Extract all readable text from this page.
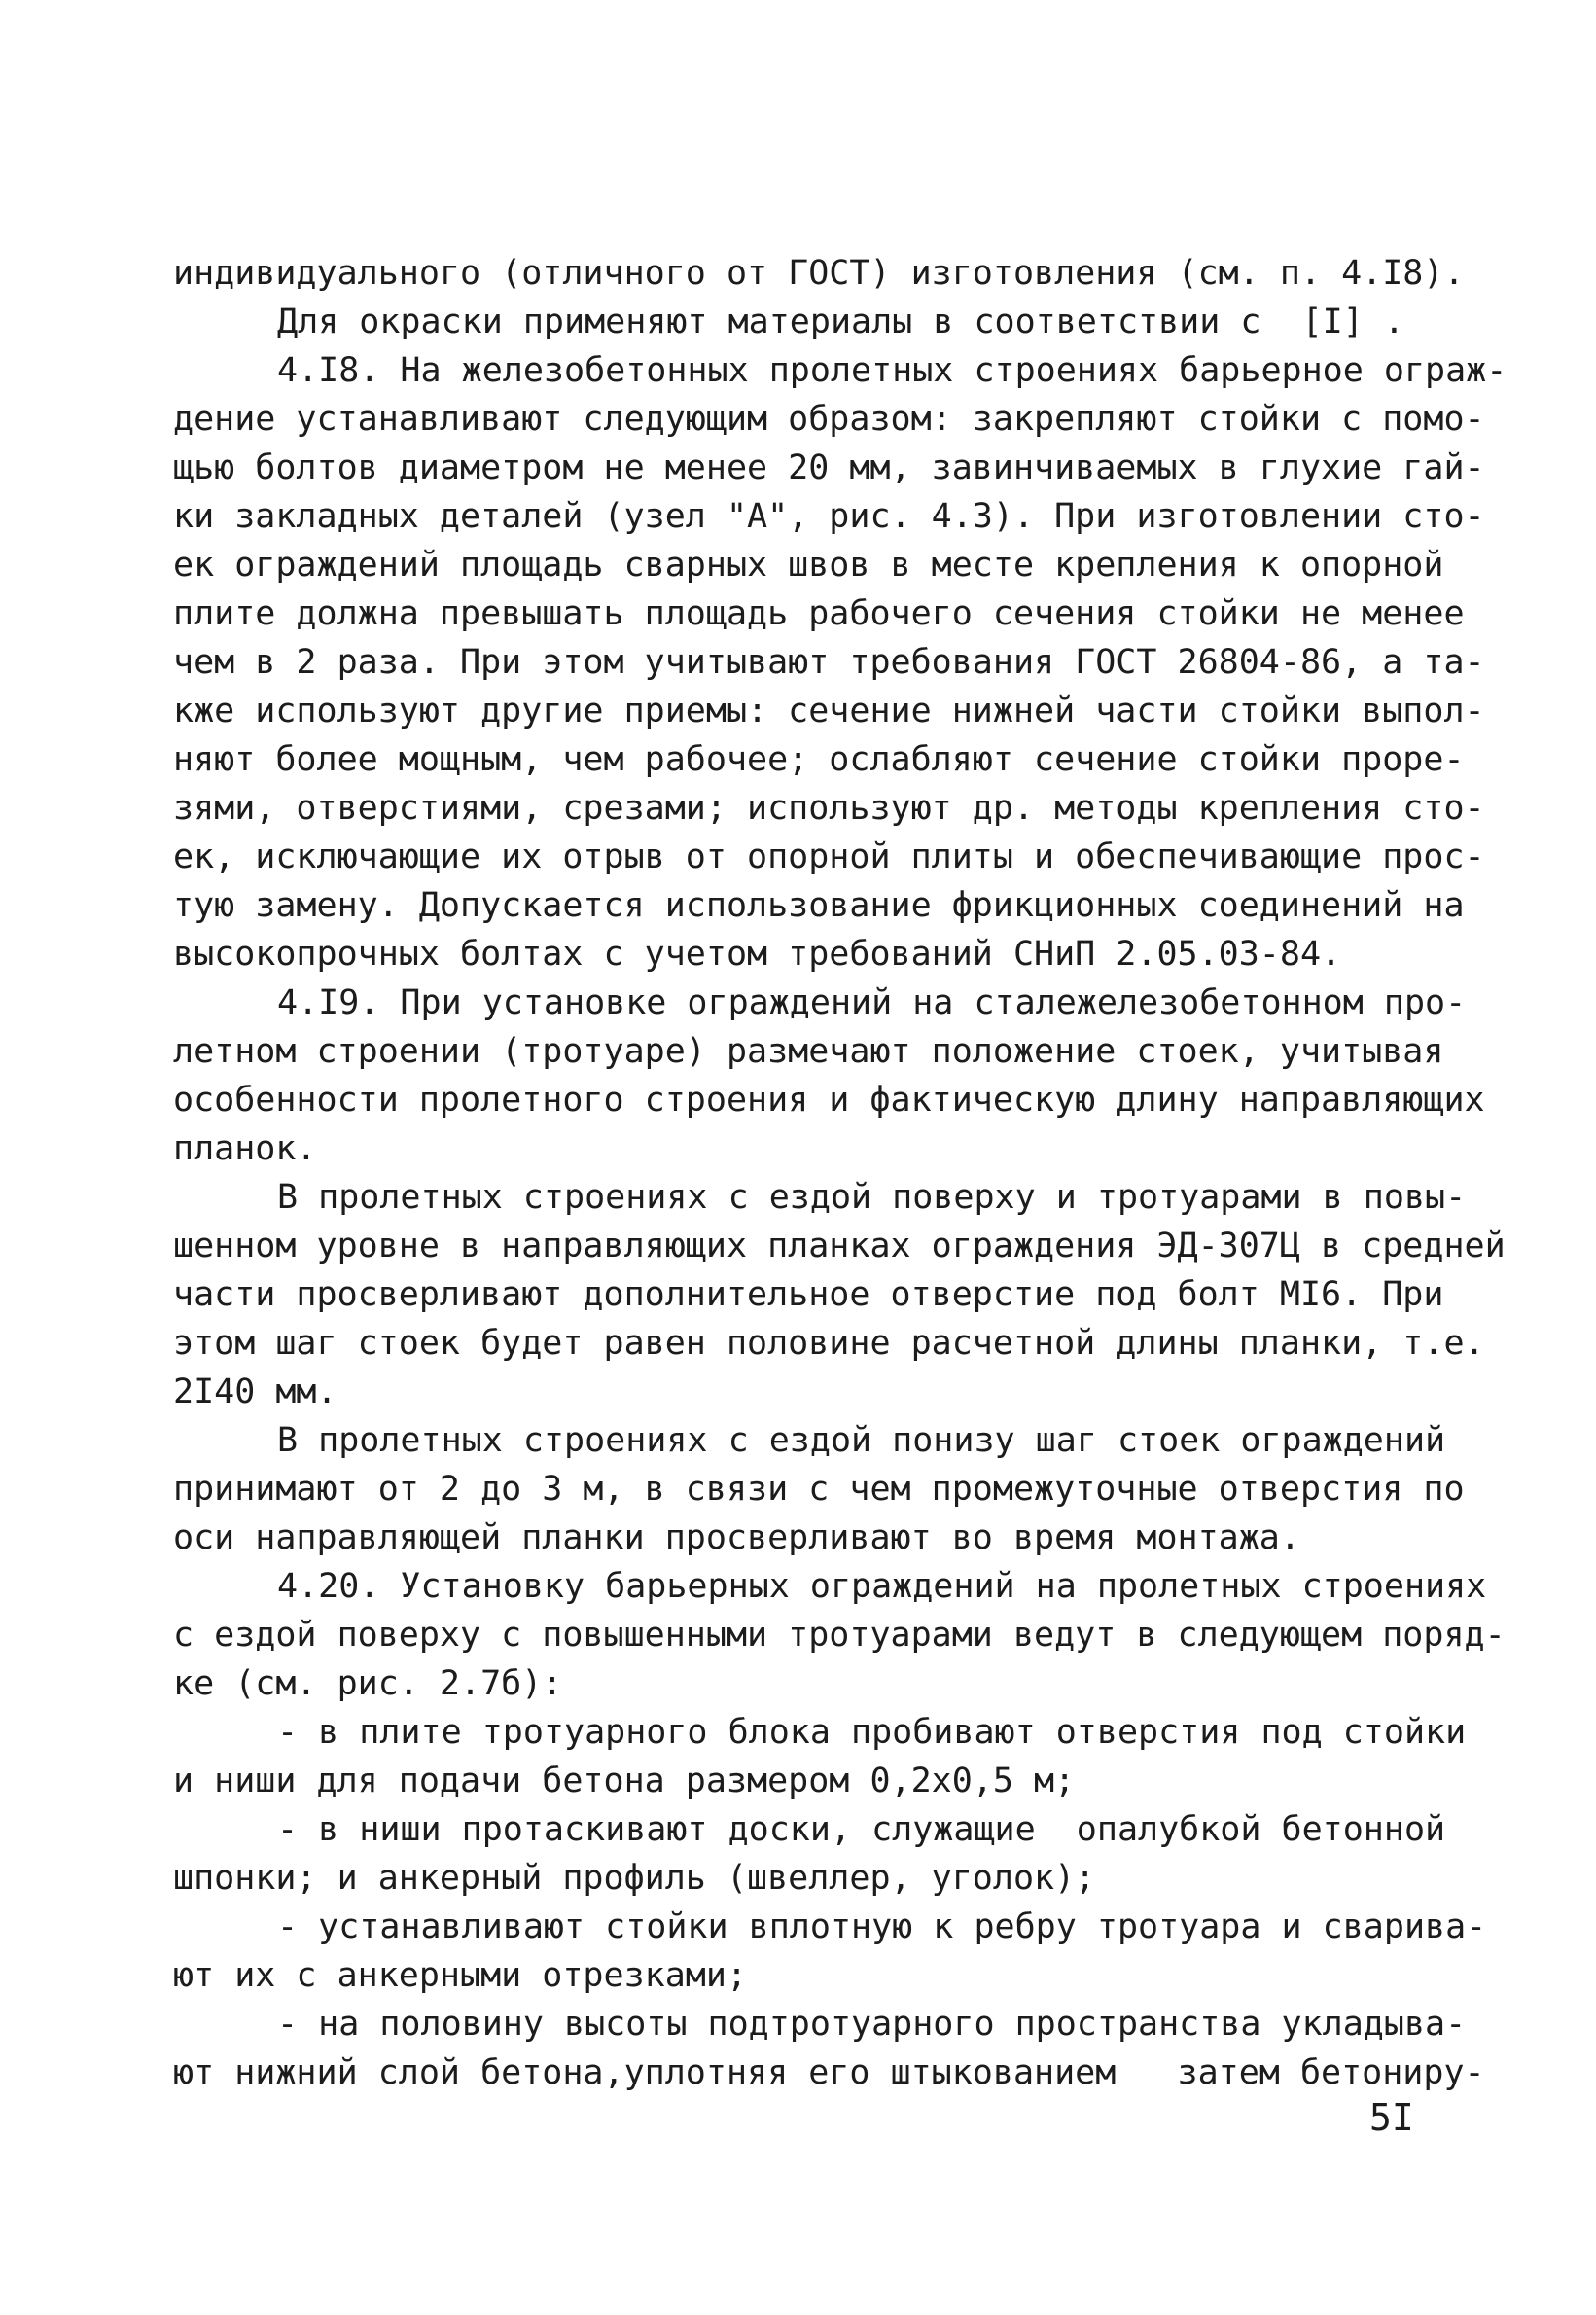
индивидуального (отличного от ГОСТ) изготовления (см. п. 4.I8).
Для окраски применяют материалы в соответствии с  [I] .
4.I8. На железобетонных пролетных строениях барьерное ограж-
дение устанавливают следующим образом: закрепляют стойки с помо-
щью болтов диаметром не менее 20 мм, завинчиваемых в глухие гай-
ки закладных деталей (узел "А", рис. 4.3). При изготовлении сто-
ек ограждений площадь сварных швов в месте крепления к опорной
плите должна превышать площадь рабочего сечения стойки не менее
чем в 2 раза. При этом учитывают требования ГОСТ 26804-86, а та-
кже используют другие приемы: сечение нижней части стойки выпол-
няют более мощным, чем рабочее; ослабляют сечение стойки проре-
зями, отверстиями, срезами; используют др. методы крепления сто-
ек, исключающие их отрыв от опорной плиты и обеспечивающие прос-
тую замену. Допускается использование фрикционных соединений на
высокопрочных болтах с учетом требований СНиП 2.05.03-84.
4.I9. При установке ограждений на сталежелезобетонном про-
летном строении (тротуаре) размечают положение стоек, учитывая
особенности пролетного строения и фактическую длину направляющих
планок.
В пролетных строениях с ездой поверху и тротуарами в повы-
шенном уровне в направляющих планках ограждения ЭД-307Ц в средней
части просверливают дополнительное отверстие под болт МI6. При
этом шаг стоек будет равен половине расчетной длины планки, т.е.
2I40 мм.
В пролетных строениях с ездой понизу шаг стоек ограждений
принимают от 2 до 3 м, в связи с чем промежуточные отверстия по
оси направляющей планки просверливают во время монтажа.
4.20. Установку барьерных ограждений на пролетных строениях
с ездой поверху с повышенными тротуарами ведут в следующем поряд-
ке (см. рис. 2.7б):
- в плите тротуарного блока пробивают отверстия под стойки
и ниши для подачи бетона размером 0,2х0,5 м;
- в ниши протаскивают доски, служащие  опалубкой бетонной
шпонки; и анкерный профиль (швеллер, уголок);
- устанавливают стойки вплотную к ребру тротуара и сварива-
ют их с анкерными отрезками;
- на половину высоты подтротуарного пространства укладыва-
ют нижний слой бетона,уплотняя его штыкованием   затем бетониру-
5I
